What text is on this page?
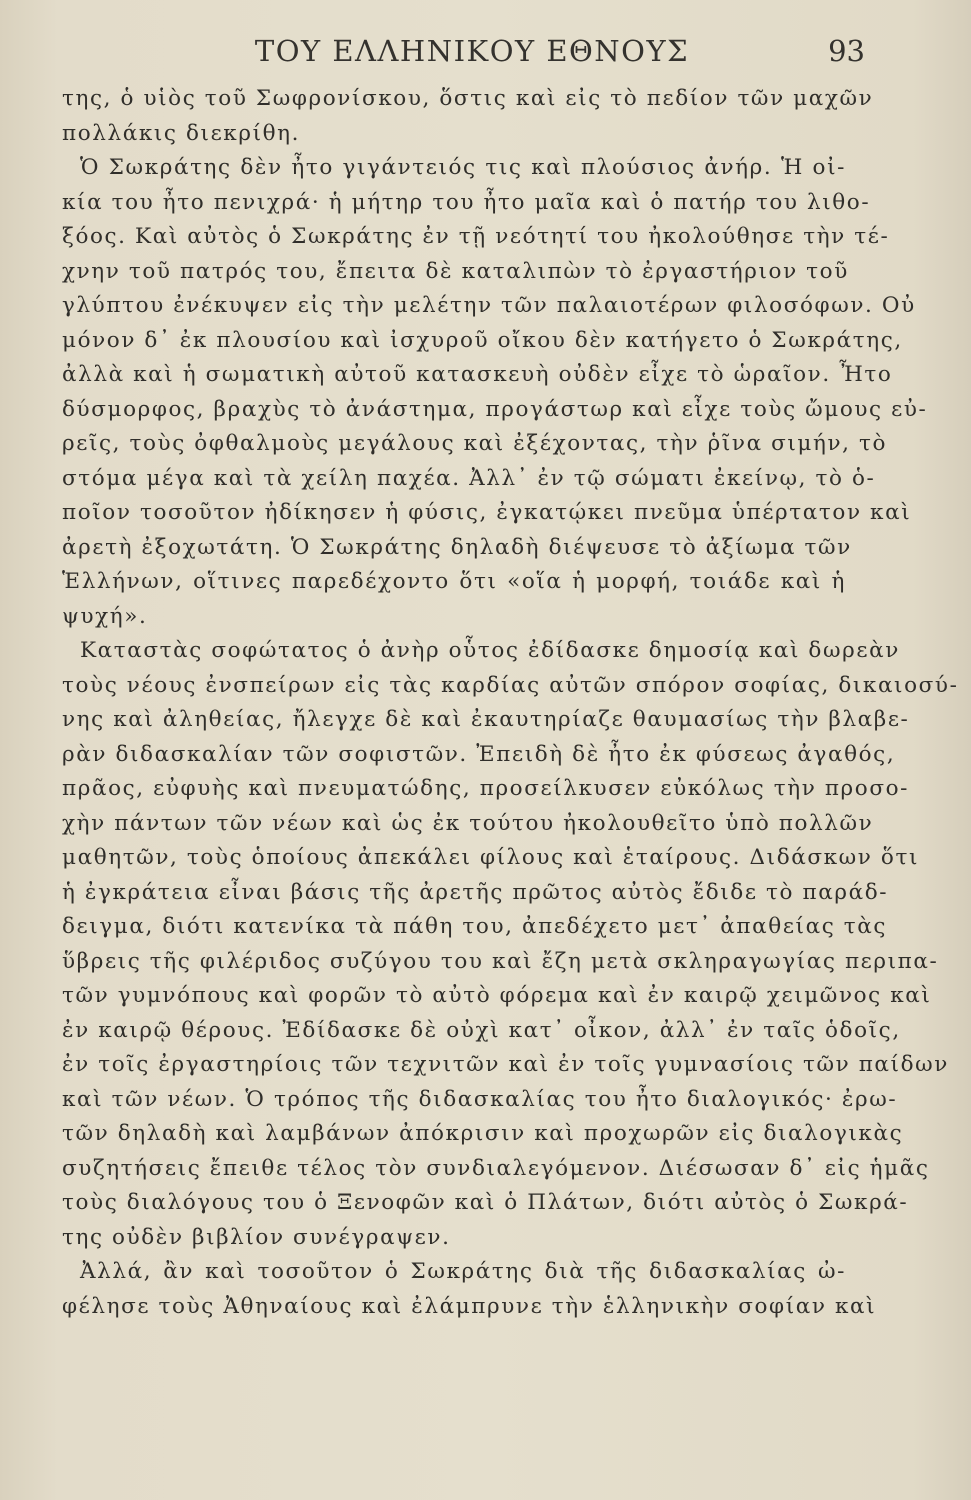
ΤΟΥ ΕΛΛΗΝΙΚΟΥ ΕΘΝΟΥΣ	93
της, ὁ υἱὸς τοῦ Σωφρονίσκου, ὅστις καὶ εἰς τὸ πεδίον τῶν μαχῶν
πολλάκις διεκρίθη.
Ὁ Σωκράτης δὲν ἦτο γιγάντειός τις καὶ πλούσιος ἀνήρ. Ἡ οἰ-
κία του ἦτο πενιχρά· ἡ μήτηρ του ἦτο μαῖα καὶ ὁ πατήρ του λιθο-
ξόος. Καὶ αὐτὸς ὁ Σωκράτης ἐν τῇ νεότητί του ἠκολούθησε τὴν τέ-
χνην τοῦ πατρός του, ἔπειτα δὲ καταλιπὼν τὸ ἐργαστήριον τοῦ
γλύπτου ἐνέκυψεν εἰς τὴν μελέτην τῶν παλαιοτέρων φιλοσόφων. Οὐ
μόνον δ᾽ ἐκ πλουσίου καὶ ἰσχυροῦ οἴκου δὲν κατήγετο ὁ Σωκράτης,
ἀλλὰ καὶ ἡ σωματικὴ αὐτοῦ κατασκευὴ οὐδὲν εἶχε τὸ ὡραῖον. Ἦτο
δύσμορφος, βραχὺς τὸ ἀνάστημα, προγάστωρ καὶ εἶχε τοὺς ὤμους εὐ-
ρεῖς, τοὺς ὀφθαλμοὺς μεγάλους καὶ ἐξέχοντας, τὴν ῥῖνα σιμήν, τὸ
στόμα μέγα καὶ τὰ χείλη παχέα. Ἀλλ᾽ ἐν τῷ σώματι ἐκείνῳ, τὸ ὁ-
ποῖον τοσοῦτον ἠδίκησεν ἡ φύσις, ἐγκατῴκει πνεῦμα ὑπέρτατον καὶ
ἀρετὴ ἐξοχωτάτη. Ὁ Σωκράτης δηλαδὴ διέψευσε τὸ ἀξίωμα τῶν
Ἑλλήνων, οἵτινες παρεδέχοντο ὅτι «οἵα ἡ μορφή, τοιάδε καὶ ἡ
ψυχή».
Καταστὰς σοφώτατος ὁ ἀνὴρ οὗτος ἐδίδασκε δημοσίᾳ καὶ δωρεὰν
τοὺς νέους ἐνσπείρων εἰς τὰς καρδίας αὐτῶν σπόρον σοφίας, δικαιοσύ-
νης καὶ ἀληθείας, ἤλεγχε δὲ καὶ ἐκαυτηρίαζε θαυμασίως τὴν βλαβε-
ρὰν διδασκαλίαν τῶν σοφιστῶν. Ἐπειδὴ δὲ ἦτο ἐκ φύσεως ἀγαθός,
πρᾶος, εὐφυὴς καὶ πνευματώδης, προσείλκυσεν εὐκόλως τὴν προσο-
χὴν πάντων τῶν νέων καὶ ὡς ἐκ τούτου ἠκολουθεῖτο ὑπὸ πολλῶν
μαθητῶν, τοὺς ὁποίους ἀπεκάλει φίλους καὶ ἑταίρους. Διδάσκων ὅτι
ἡ ἐγκράτεια εἶναι βάσις τῆς ἀρετῆς πρῶτος αὐτὸς ἔδιδε τὸ παράδ-
δειγμα, διότι κατενίκα τὰ πάθη του, ἀπεδέχετο μετ᾽ ἀπαθείας τὰς
ὕβρεις τῆς φιλέριδος συζύγου του καὶ ἔζη μετὰ σκληραγωγίας περιπα-
τῶν γυμνόπους καὶ φορῶν τὸ αὐτὸ φόρεμα καὶ ἐν καιρῷ χειμῶνος καὶ
ἐν καιρῷ θέρους. Ἐδίδασκε δὲ οὐχὶ κατ᾽ οἶκον, ἀλλ᾽ ἐν ταῖς ὁδοῖς,
ἐν τοῖς ἐργαστηρίοις τῶν τεχνιτῶν καὶ ἐν τοῖς γυμνασίοις τῶν παίδων
καὶ τῶν νέων. Ὁ τρόπος τῆς διδασκαλίας του ἦτο διαλογικός· ἐρω-
τῶν δηλαδὴ καὶ λαμβάνων ἀπόκρισιν καὶ προχωρῶν εἰς διαλογικὰς
συζητήσεις ἔπειθε τέλος τὸν συνδιαλεγόμενον. Διέσωσαν δ᾽ εἰς ἡμᾶς
τοὺς διαλόγους του ὁ Ξενοφῶν καὶ ὁ Πλάτων, διότι αὐτὸς ὁ Σωκρά-
της οὐδὲν βιβλίον συνέγραψεν.
Ἀλλά, ἂν καὶ τοσοῦτον ὁ Σωκράτης διὰ τῆς διδασκαλίας ὠ-
φέλησε τοὺς Ἀθηναίους καὶ ἐλάμπρυνε τὴν ἑλληνικὴν σοφίαν καὶ
